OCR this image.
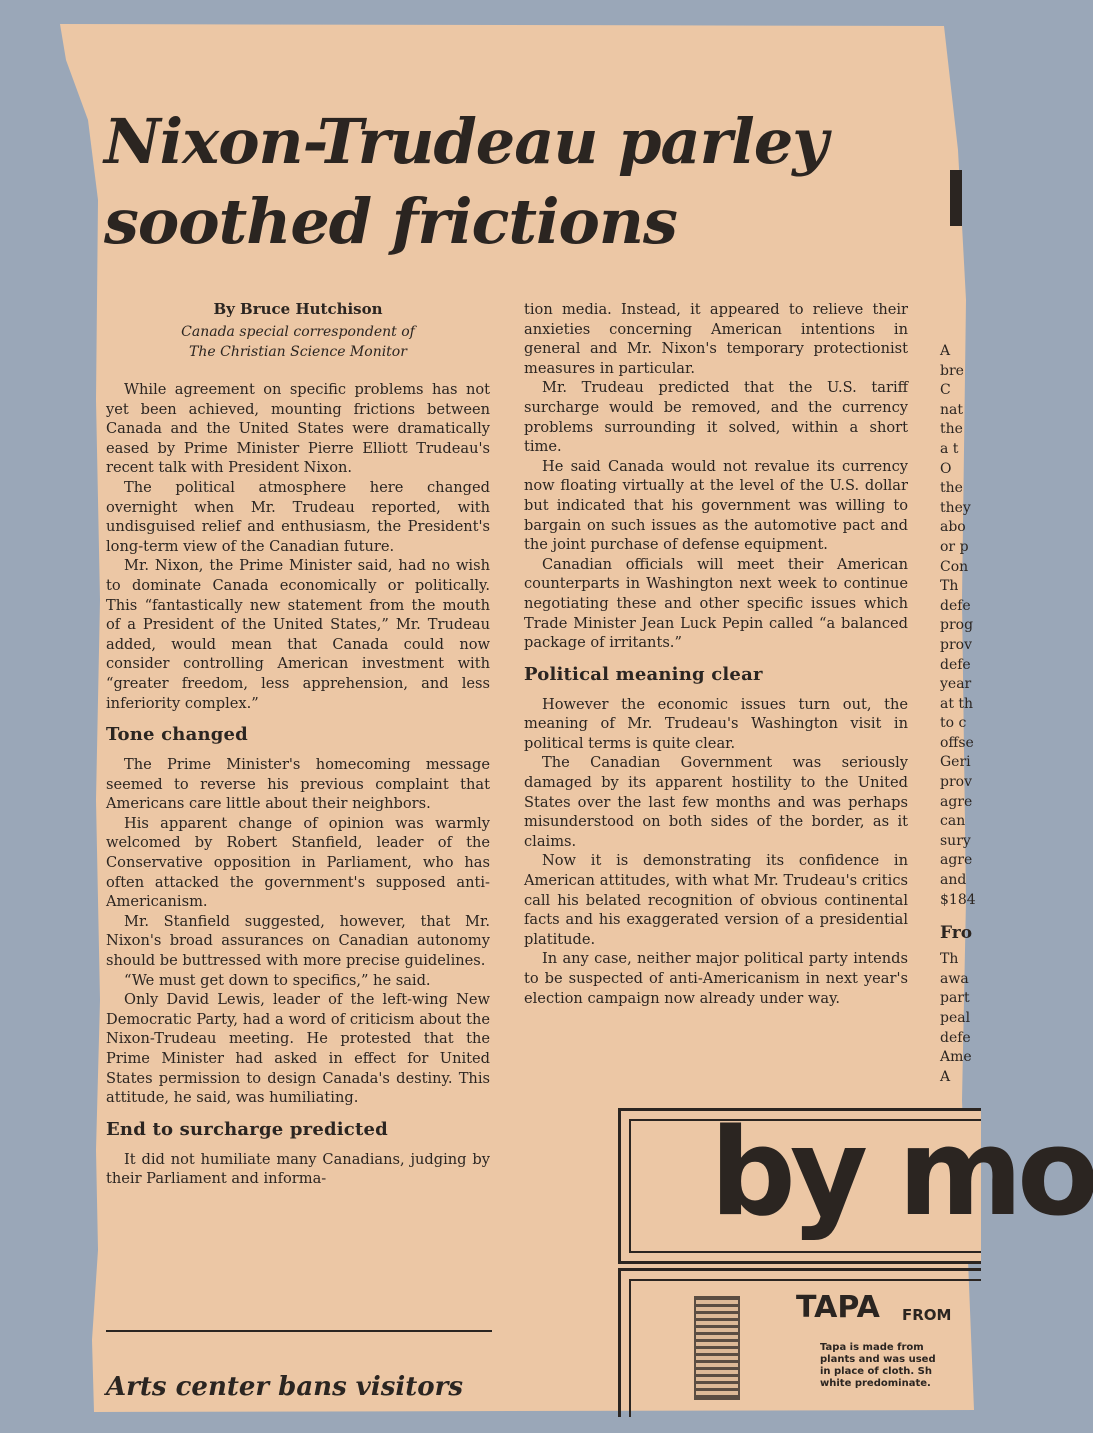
Nixon-Trudeau parley
soothed frictions

By Bruce Hutchison

Canada special correspondent of
The Christian Science Monitor

While agreement on specific problems has not yet been achieved, mounting frictions between Canada and the United States were dramatically eased by Prime Minister Pierre Elliott Trudeau's recent talk with President Nixon.

The political atmosphere here changed overnight when Mr. Trudeau reported, with undisguised relief and enthusiasm, the President's long-term view of the Canadian future.

Mr. Nixon, the Prime Minister said, had no wish to dominate Canada economically or politically. This “fantastically new statement from the mouth of a President of the United States,” Mr. Trudeau added, would mean that Canada could now consider controlling American investment with “greater freedom, less apprehension, and less inferiority complex.”

Tone changed

The Prime Minister's homecoming message seemed to reverse his previous complaint that Americans care little about their neighbors.

His apparent change of opinion was warmly welcomed by Robert Stanfield, leader of the Conservative opposition in Parliament, who has often attacked the government's supposed anti-Americanism.

Mr. Stanfield suggested, however, that Mr. Nixon's broad assurances on Canadian autonomy should be buttressed with more precise guidelines.

“We must get down to specifics,” he said.

Only David Lewis, leader of the left-wing New Democratic Party, had a word of criticism about the Nixon-Trudeau meeting. He protested that the Prime Minister had asked in effect for United States permission to design Canada's destiny. This attitude, he said, was humiliating.

End to surcharge predicted

It did not humiliate many Canadians, judging by their Parliament and informa-

tion media. Instead, it appeared to relieve their anxieties concerning American intentions in general and Mr. Nixon's temporary protectionist measures in particular.

Mr. Trudeau predicted that the U.S. tariff surcharge would be removed, and the currency problems surrounding it solved, within a short time.

He said Canada would not revalue its currency now floating virtually at the level of the U.S. dollar but indicated that his government was willing to bargain on such issues as the automotive pact and the joint purchase of defense equipment.

Canadian officials will meet their American counterparts in Washington next week to continue negotiating these and other specific issues which Trade Minister Jean Luck Pepin called “a balanced package of irritants.”

Political meaning clear

However the economic issues turn out, the meaning of Mr. Trudeau's Washington visit in political terms is quite clear.

The Canadian Government was seriously damaged by its apparent hostility to the United States over the last few months and was perhaps misunderstood on both sides of the border, as it claims.

Now it is demonstrating its confidence in American attitudes, with what Mr. Trudeau's critics call his belated recognition of obvious continental facts and his exaggerated version of a presidential platitude.

In any case, neither major political party intends to be suspected of anti-Americanism in next year's election campaign now already under way.

Arts center bans visitors
A
bre
C
nat
the
a t
O
the
they
abo
or p
Con
Th
defe
prog
prov
defe
year
at th
to c
offse
Geri
prov
agre
can
sury
agre
and
$184
Fro
Th
awa
part
peal
defe
Ame
A
by mo
TAPA FROM
Tapa is made from
plants and was used
in place of cloth. Sh
white predominate.
